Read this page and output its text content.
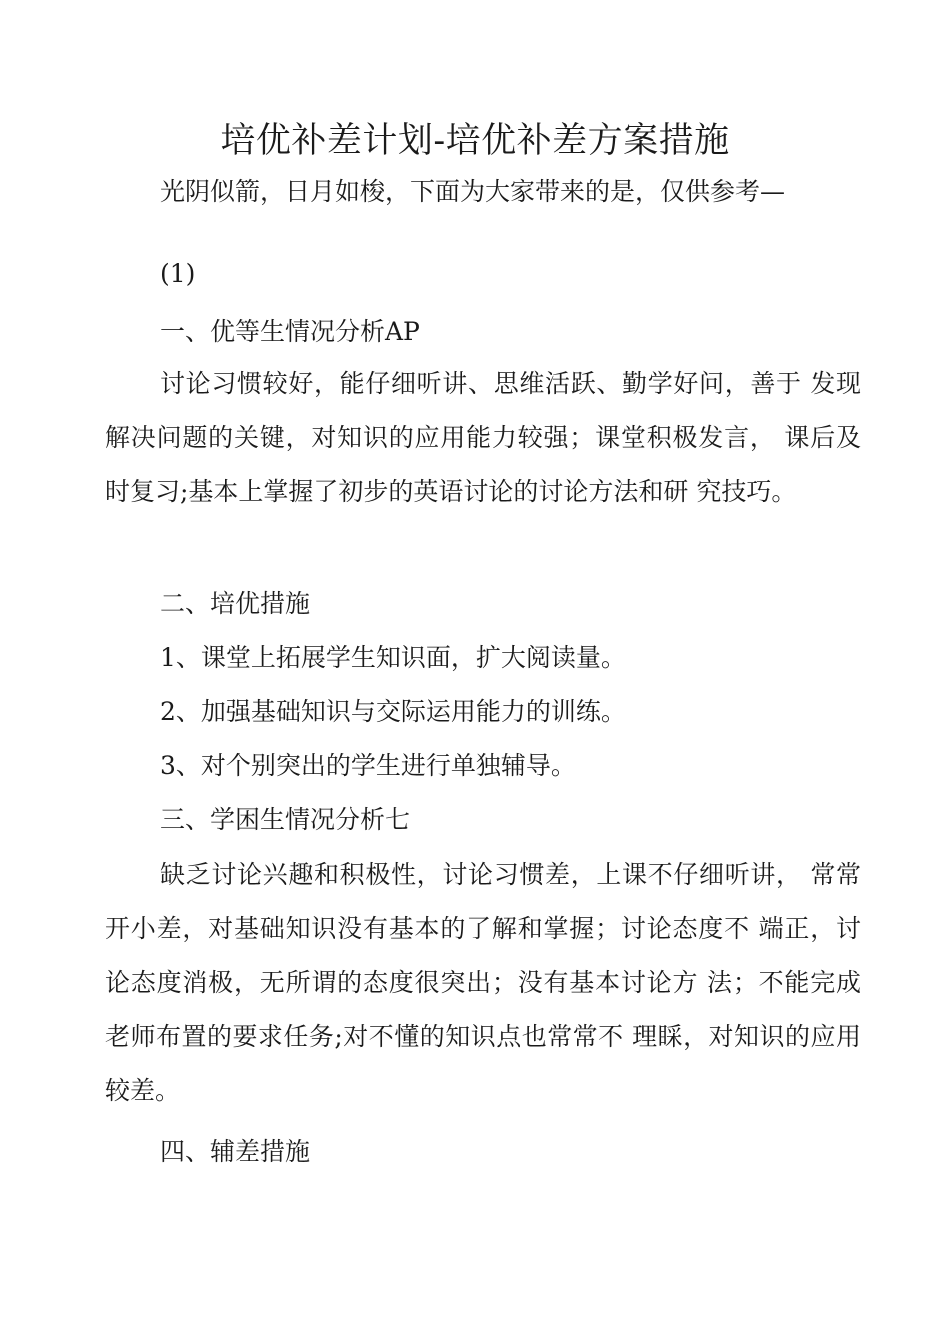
培优补差计划-培优补差方案措施

光阴似箭，日月如梭，下面为大家带来的是，仅供参考—

(1)

一、优等生情况分析AP

讨论习惯较好，能仔细听讲、思维活跃、勤学好问，善于 发现解决问题的关键，对知识的应用能力较强；课堂积极发言， 课后及时复习;基本上掌握了初步的英语讨论的讨论方法和研 究技巧。

二、培优措施

1、课堂上拓展学生知识面，扩大阅读量。

2、加强基础知识与交际运用能力的训练。

3、对个别突出的学生进行单独辅导。

三、学困生情况分析七

缺乏讨论兴趣和积极性，讨论习惯差，上课不仔细听讲， 常常开小差，对基础知识没有基本的了解和掌握；讨论态度不 端正，讨论态度消极，无所谓的态度很突出；没有基本讨论方 法；不能完成老师布置的要求任务;对不懂的知识点也常常不 理睬，对知识的应用较差。

四、辅差措施
